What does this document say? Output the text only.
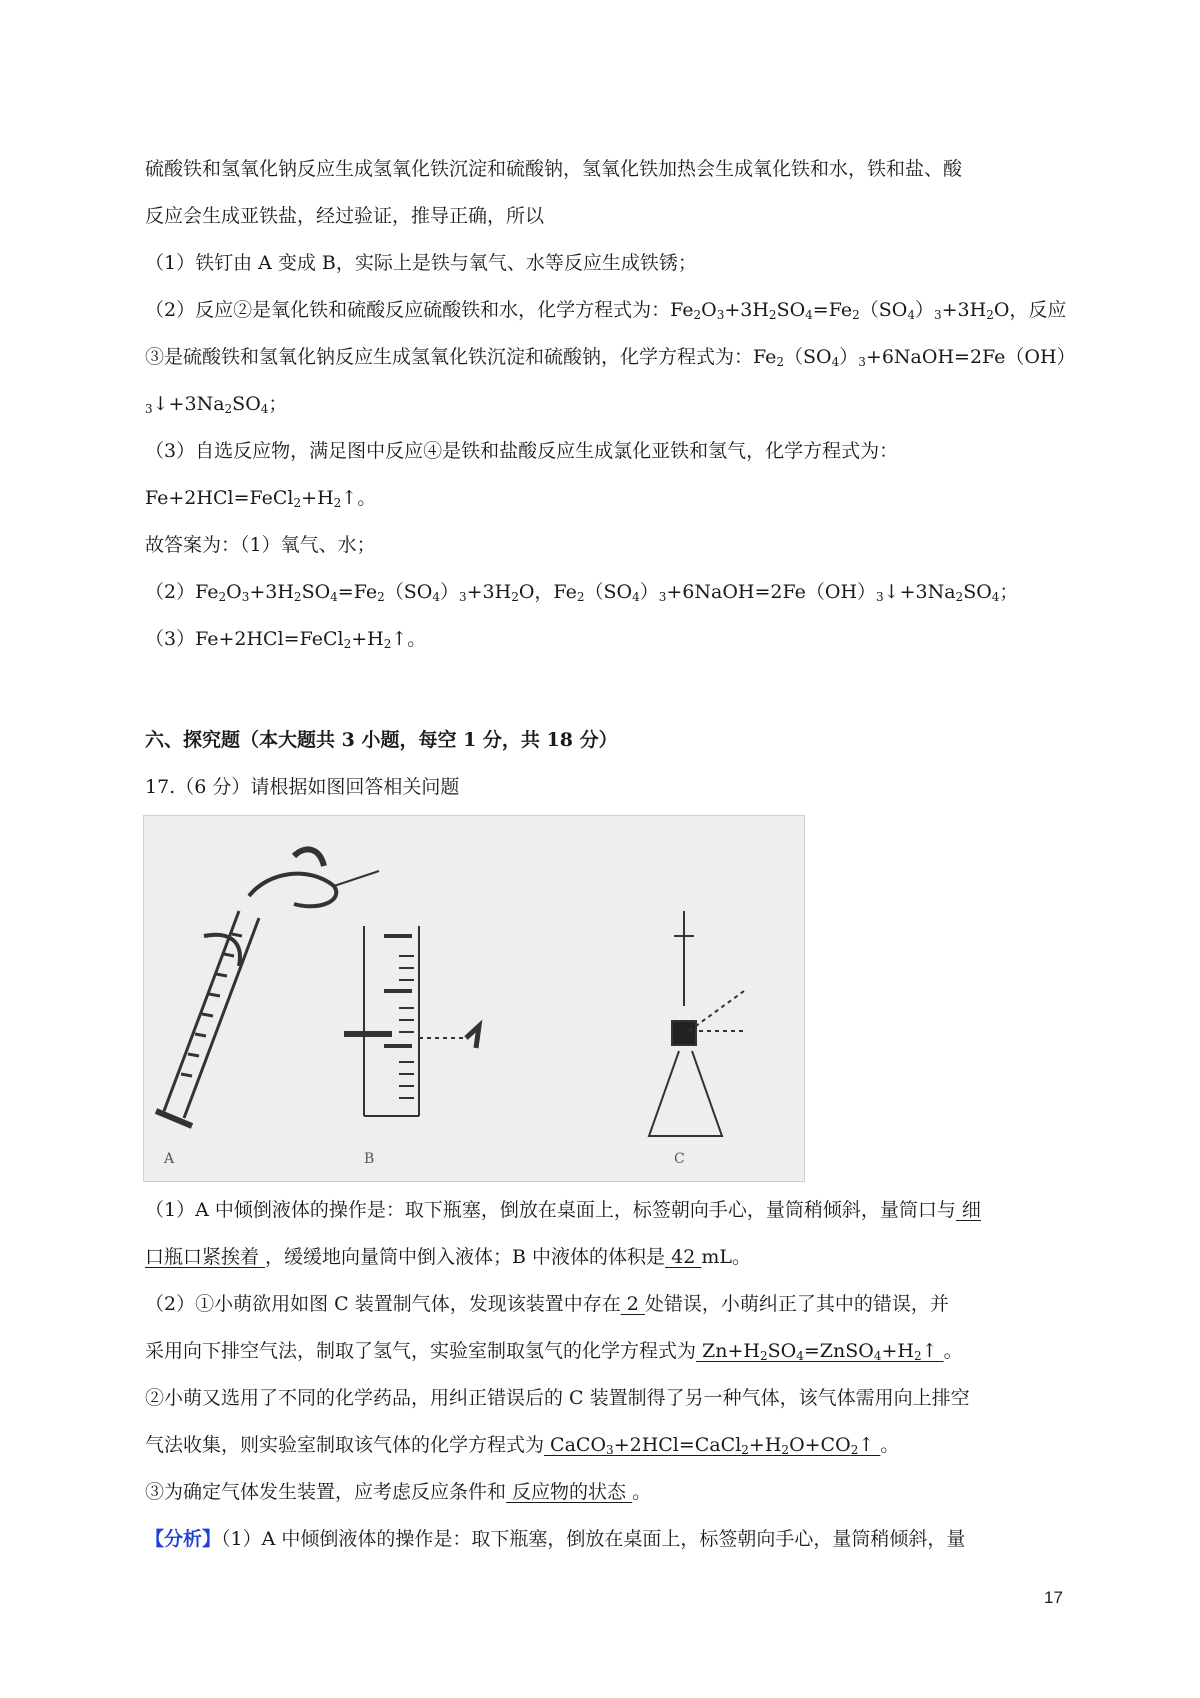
硫酸铁和氢氧化钠反应生成氢氧化铁沉淀和硫酸钠，氢氧化铁加热会生成氧化铁和水，铁和盐、酸
反应会生成亚铁盐，经过验证，推导正确，所以
（1）铁钉由 A 变成 B，实际上是铁与氧气、水等反应生成铁锈；
（2）反应②是氧化铁和硫酸反应硫酸铁和水，化学方程式为：$Fe_2O_3+3H_2SO_4=Fe_2(SO_4)_3+3H_2O$，反应
③是硫酸铁和氢氧化钠反应生成氢氧化铁沉淀和硫酸钠，化学方程式为：$Fe_2(SO_4)_3+6NaOH=2Fe(OH)$
$_3↓+3Na_2SO_4$；
（3）自选反应物，满足图中反应④是铁和盐酸反应生成氯化亚铁和氢气，化学方程式为：
$Fe+2HCl=FeCl_2+H_2↑$。
故答案为：（1）氧气、水；
$(2)Fe_2O_3+3H_2SO_4=Fe_2(SO_4)_3+3H_2O$，$Fe_2(SO_4)_3+6NaOH=2Fe(OH)_3↓+3Na_2SO_4$；
$(3)Fe+2HCl=FeCl_2+H_2↑$。
六、探究题（本大题共 3 小题，每空 1 分，共 18 分）
17.（6 分）请根据如图回答相关问题
A	B	C
（1）A 中倾倒液体的操作是：取下瓶塞，倒放在桌面上，标签朝向手心，量筒稍倾斜，量筒口与 细
口瓶口紧挨着 ，缓缓地向量筒中倒入液体；B 中液体的体积是 42 mL。
（2）①小萌欲用如图 C 装置制气体，发现该装置中存在 2 处错误，小萌纠正了其中的错误，并
采用向下排空气法，制取了氢气，实验室制取氢气的化学方程式为 $Zn+H_2SO_4=ZnSO_4+H_2↑$ 。
②小萌又选用了不同的化学药品，用纠正错误后的 C 装置制得了另一种气体，该气体需用向上排空
气法收集，则实验室制取该气体的化学方程式为 $CaCO_3+2HCl=CaCl_2+H_2O+CO_2↑$ 。
③为确定气体发生装置，应考虑反应条件和 反应物的状态 。
【分析】（1）A 中倾倒液体的操作是：取下瓶塞，倒放在桌面上，标签朝向手心，量筒稍倾斜，量
17
